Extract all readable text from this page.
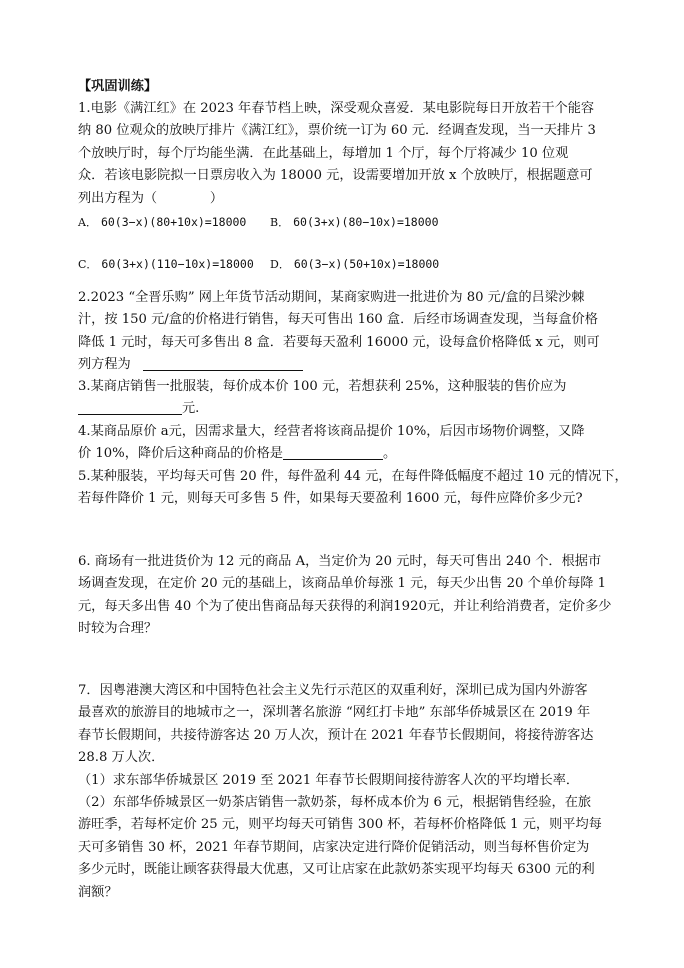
【巩固训练】
1.电影《满江红》在 2023 年春节档上映，深受观众喜爱．某电影院每日开放若干个能容
纳 80 位观众的放映厅排片《满江红》，票价统一订为 60 元．经调查发现，当一天排片 3
个放映厅时，每个厅均能坐满．在此基础上，每增加 1 个厅，每个厅将减少 10 位观
众．若该电影院拟一日票房收入为 18000 元，设需要增加开放 x 个放映厅，根据题意可
列出方程为（　　　　）
A． 60(3−x)(80+10x)=18000 B． 60(3+x)(80−10x)=18000
C． 60(3+x)(110−10x)=18000 D． 60(3−x)(50+10x)=18000
2.2023 “全晋乐购” 网上年货节活动期间，某商家购进一批进价为 80 元/盒的吕梁沙棘
汁，按 150 元/盒的价格进行销售，每天可售出 160 盒．后经市场调查发现，当每盒价格
降低 1 元时，每天可多售出 8 盒．若要每天盈利 16000 元，设每盒价格降低 x 元，则可
列方程为
3.某商店销售一批服装，每价成本价 100 元，若想获利 25%，这种服装的售价应为
元.
4.某商品原价 a元，因需求量大，经营者将该商品提价 10%，后因市场物价调整，又降
价 10%，降价后这种商品的价格是	。
5.某种服装，平均每天可售 20 件，每件盈利 44 元，在每件降低幅度不超过 10 元的情况下，
若每件降价 1 元，则每天可多售 5 件，如果每天要盈利 1600 元，每件应降价多少元?
6. 商场有一批进货价为 12 元的商品 A，当定价为 20 元时，每天可售出 240 个．根据市
场调查发现，在定价 20 元的基础上，该商品单价每涨 1 元，每天少出售 20 个单价每降 1
元，每天多出售 40 个为了使出售商品每天获得的利润1920元，并让利给消费者，定价多少
时较为合理？
7．因粤港澳大湾区和中国特色社会主义先行示范区的双重利好，深圳已成为国内外游客
最喜欢的旅游目的地城市之一，深圳著名旅游 “网红打卡地” 东部华侨城景区在 2019 年
春节长假期间，共接待游客达 20 万人次，预计在 2021 年春节长假期间，将接待游客达
28.8 万人次．
（1）求东部华侨城景区 2019 至 2021 年春节长假期间接待游客人次的平均增长率．
（2）东部华侨城景区一奶茶店销售一款奶茶，每杯成本价为 6 元，根据销售经验，在旅
游旺季，若每杯定价 25 元，则平均每天可销售 300 杯，若每杯价格降低 1 元，则平均每
天可多销售 30 杯，2021 年春节期间，店家决定进行降价促销活动，则当每杯售价定为
多少元时，既能让顾客获得最大优惠，又可让店家在此款奶茶实现平均每天 6300 元的利
润额？
